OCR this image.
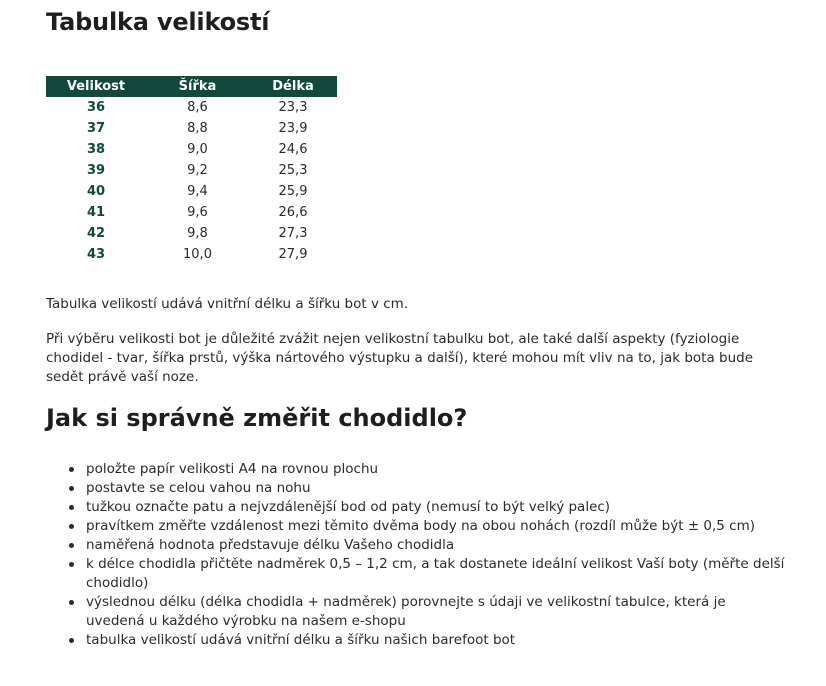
Tabulka velikostí
Velikost	Šířka	Délka
36	8,6	23,3
37	8,8	23,9
38	9,0	24,6
39	9,2	25,3
40	9,4	25,9
41	9,6	26,6
42	9,8	27,3
43	10,0	27,9

Tabulka velikostí udává vnitřní délku a šířku bot v cm.

Při výběru velikosti bot je důležité zvážit nejen velikostní tabulku bot, ale také další aspekty (fyziologie chodidel - tvar, šířka prstů, výška nártového výstupku a další), které mohou mít vliv na to, jak bota bude sedět právě vaší noze.

Jak si správně změřit chodidlo?
položte papír velikosti A4 na rovnou plochu
postavte se celou vahou na nohu
tužkou označte patu a nejvzdálenější bod od paty (nemusí to být velký palec)
pravítkem změřte vzdálenost mezi těmito dvěma body na obou nohách (rozdíl může být ± 0,5 cm)
naměřená hodnota představuje délku Vašeho chodidla
k délce chodidla přičtěte nadměrek 0,5 – 1,2 cm, a tak dostanete ideální velikost Vaší boty (měřte delší chodidlo)
výslednou délku (délka chodidla + nadměrek) porovnejte s údaji ve velikostní tabulce, která je uvedená u každého výrobku na našem e-shopu
tabulka velikostí udává vnitřní délku a šířku našich barefoot bot
